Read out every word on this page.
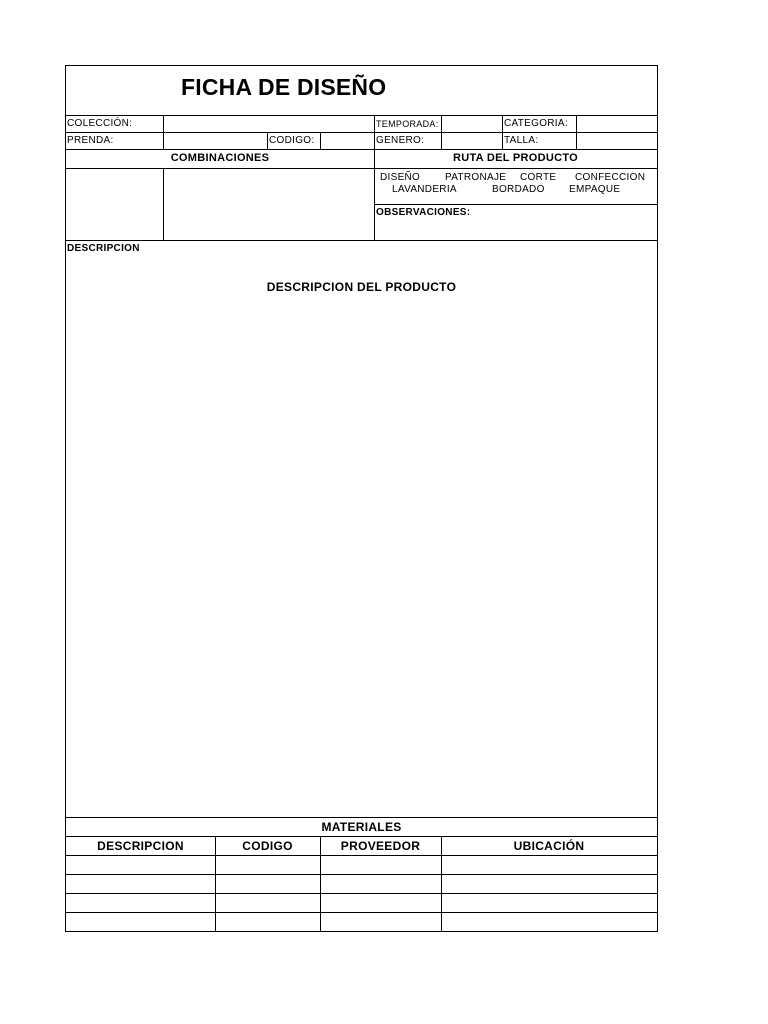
FICHA DE DISEÑO
COLECCIÓN:	TEMPORADA:	CATEGORIA:
PRENDA:	CODIGO:	GENERO:	TALLA:
COMBINACIONES	RUTA DEL PRODUCTO
DISEÑO PATRONAJE CORTE CONFECCION
LAVANDERIA	BORDADO EMPAQUE
OBSERVACIONES:
DESCRIPCION
DESCRIPCION DEL PRODUCTO
MATERIALES
DESCRIPCION	CODIGO	PROVEEDOR	UBICACIÓN
